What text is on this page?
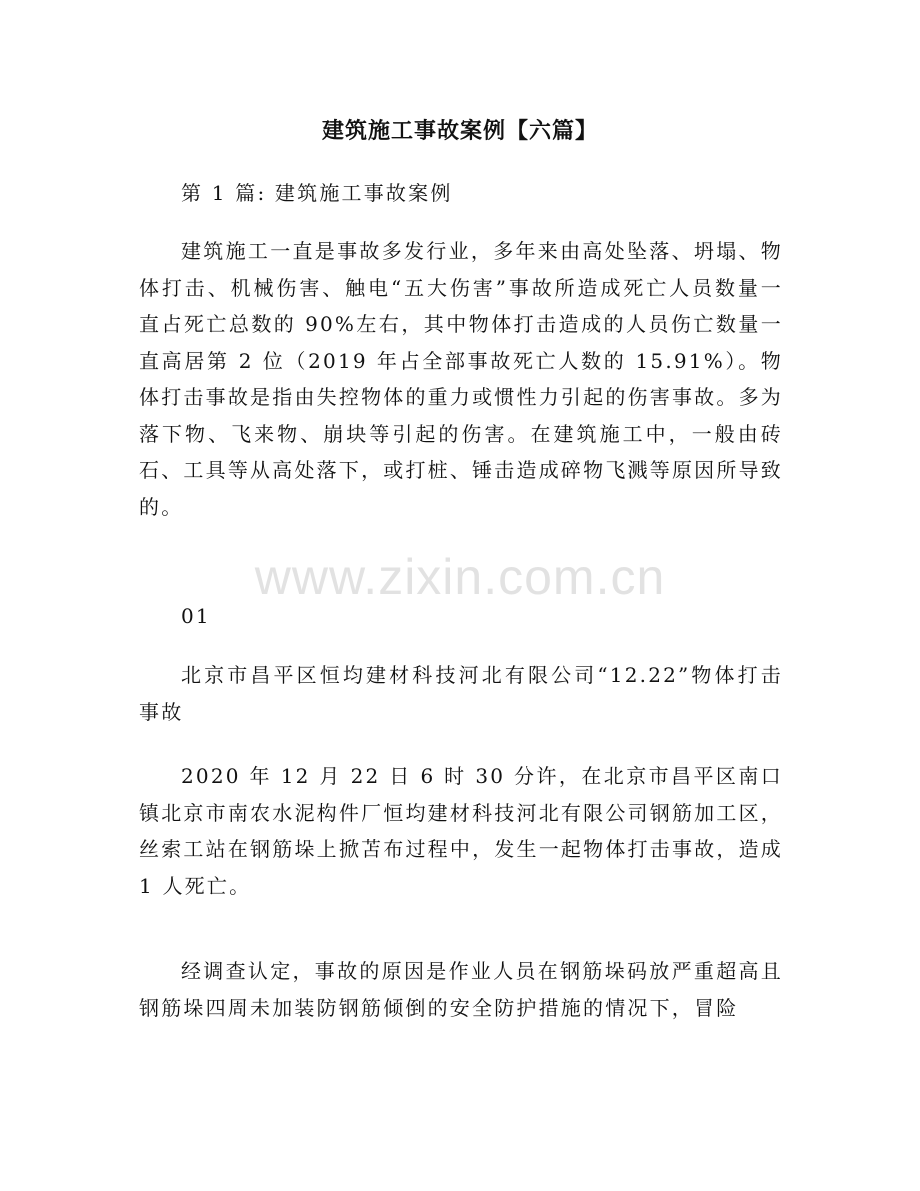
建筑施工事故案例【六篇】

第 1 篇: 建筑施工事故案例

建筑施工一直是事故多发行业，多年来由高处坠落、坍塌、物体打击、机械伤害、触电“五大伤害”事故所造成死亡人员数量一直占死亡总数的 90%左右，其中物体打击造成的人员伤亡数量一直高居第 2 位（2019 年占全部事故死亡人数的 15.91%）。物体打击事故是指由失控物体的重力或惯性力引起的伤害事故。多为落下物、飞来物、崩块等引起的伤害。在建筑施工中，一般由砖石、工具等从高处落下，或打桩、锤击造成碎物飞溅等原因所导致的。

01

北京市昌平区恒均建材科技河北有限公司“12.22”物体打击事故

2020 年 12 月 22 日 6 时 30 分许，在北京市昌平区南口镇北京市南农水泥构件厂恒均建材科技河北有限公司钢筋加工区，丝索工站在钢筋垛上掀苫布过程中，发生一起物体打击事故，造成 1 人死亡。

经调查认定，事故的原因是作业人员在钢筋垛码放严重超高且钢筋垛四周未加装防钢筋倾倒的安全防护措施的情况下，冒险

www.zixin.com.cn
